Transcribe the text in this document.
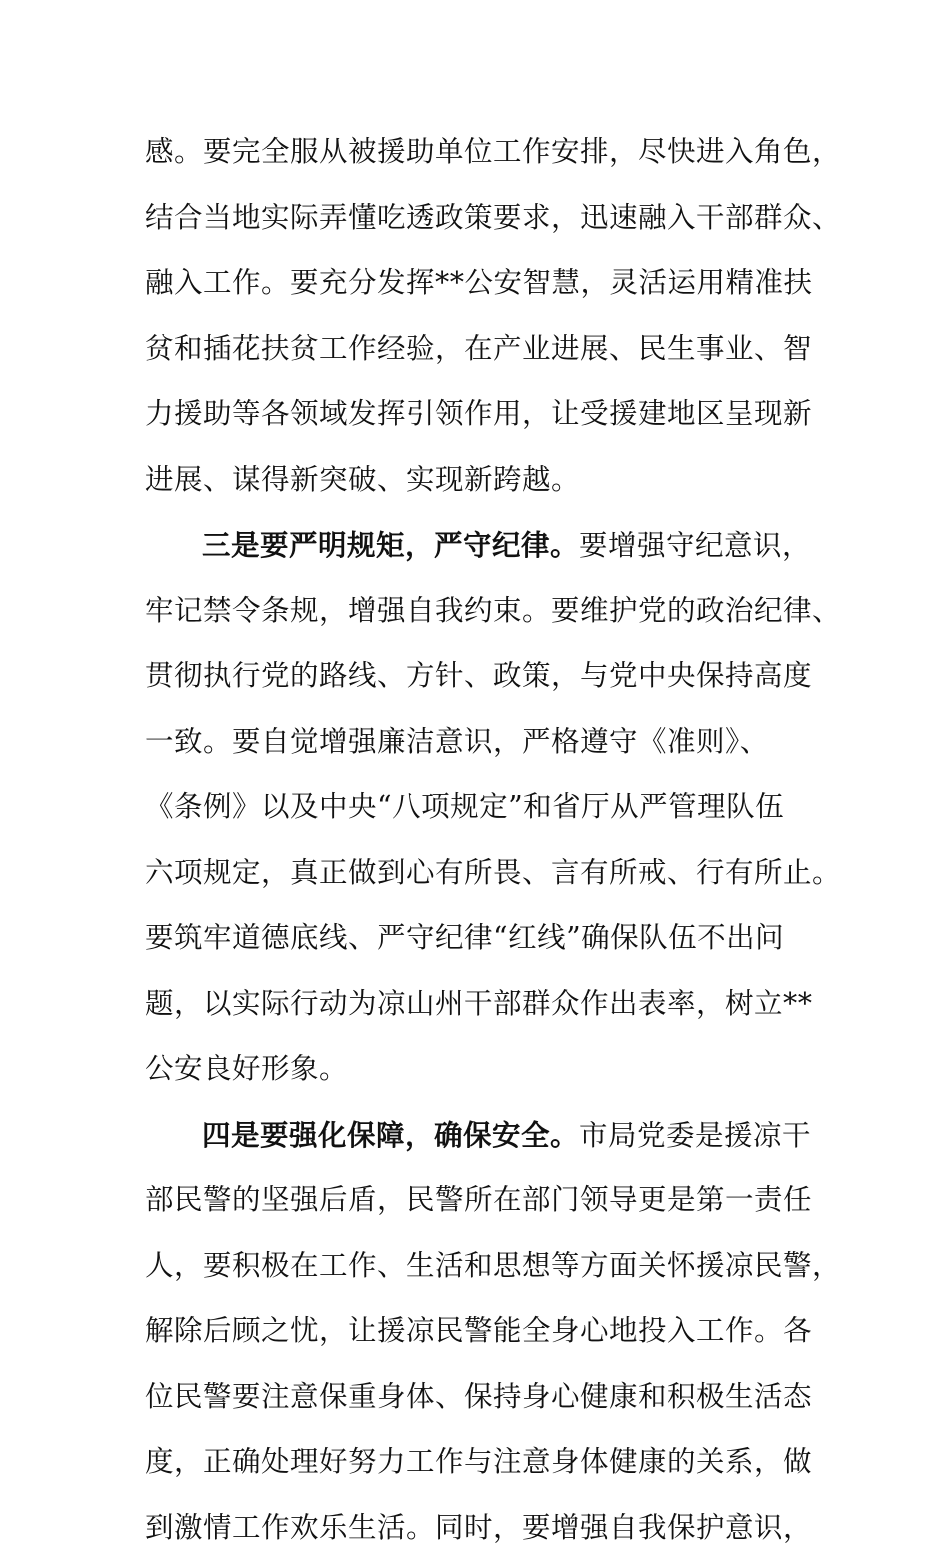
感。要完全服从被援助单位工作安排，尽快进入角色，
结合当地实际弄懂吃透政策要求，迅速融入干部群众、
融入工作。要充分发挥**公安智慧，灵活运用精准扶
贫和插花扶贫工作经验，在产业进展、民生事业、智
力援助等各领域发挥引领作用，让受援建地区呈现新
进展、谋得新突破、实现新跨越。
三是要严明规矩，严守纪律。要增强守纪意识，
牢记禁令条规，增强自我约束。要维护党的政治纪律、
贯彻执行党的路线、方针、政策，与党中央保持高度
一致。要自觉增强廉洁意识，严格遵守《准则》、
《条例》以及中央“八项规定”和省厅从严管理队伍
六项规定，真正做到心有所畏、言有所戒、行有所止。
要筑牢道德底线、严守纪律“红线”确保队伍不出问
题，以实际行动为凉山州干部群众作出表率，树立**
公安良好形象。
四是要强化保障，确保安全。市局党委是援凉干
部民警的坚强后盾，民警所在部门领导更是第一责任
人，要积极在工作、生活和思想等方面关怀援凉民警，
解除后顾之忧，让援凉民警能全身心地投入工作。各
位民警要注意保重身体、保持身心健康和积极生活态
度，正确处理好努力工作与注意身体健康的关系，做
到激情工作欢乐生活。同时，要增强自我保护意识，
